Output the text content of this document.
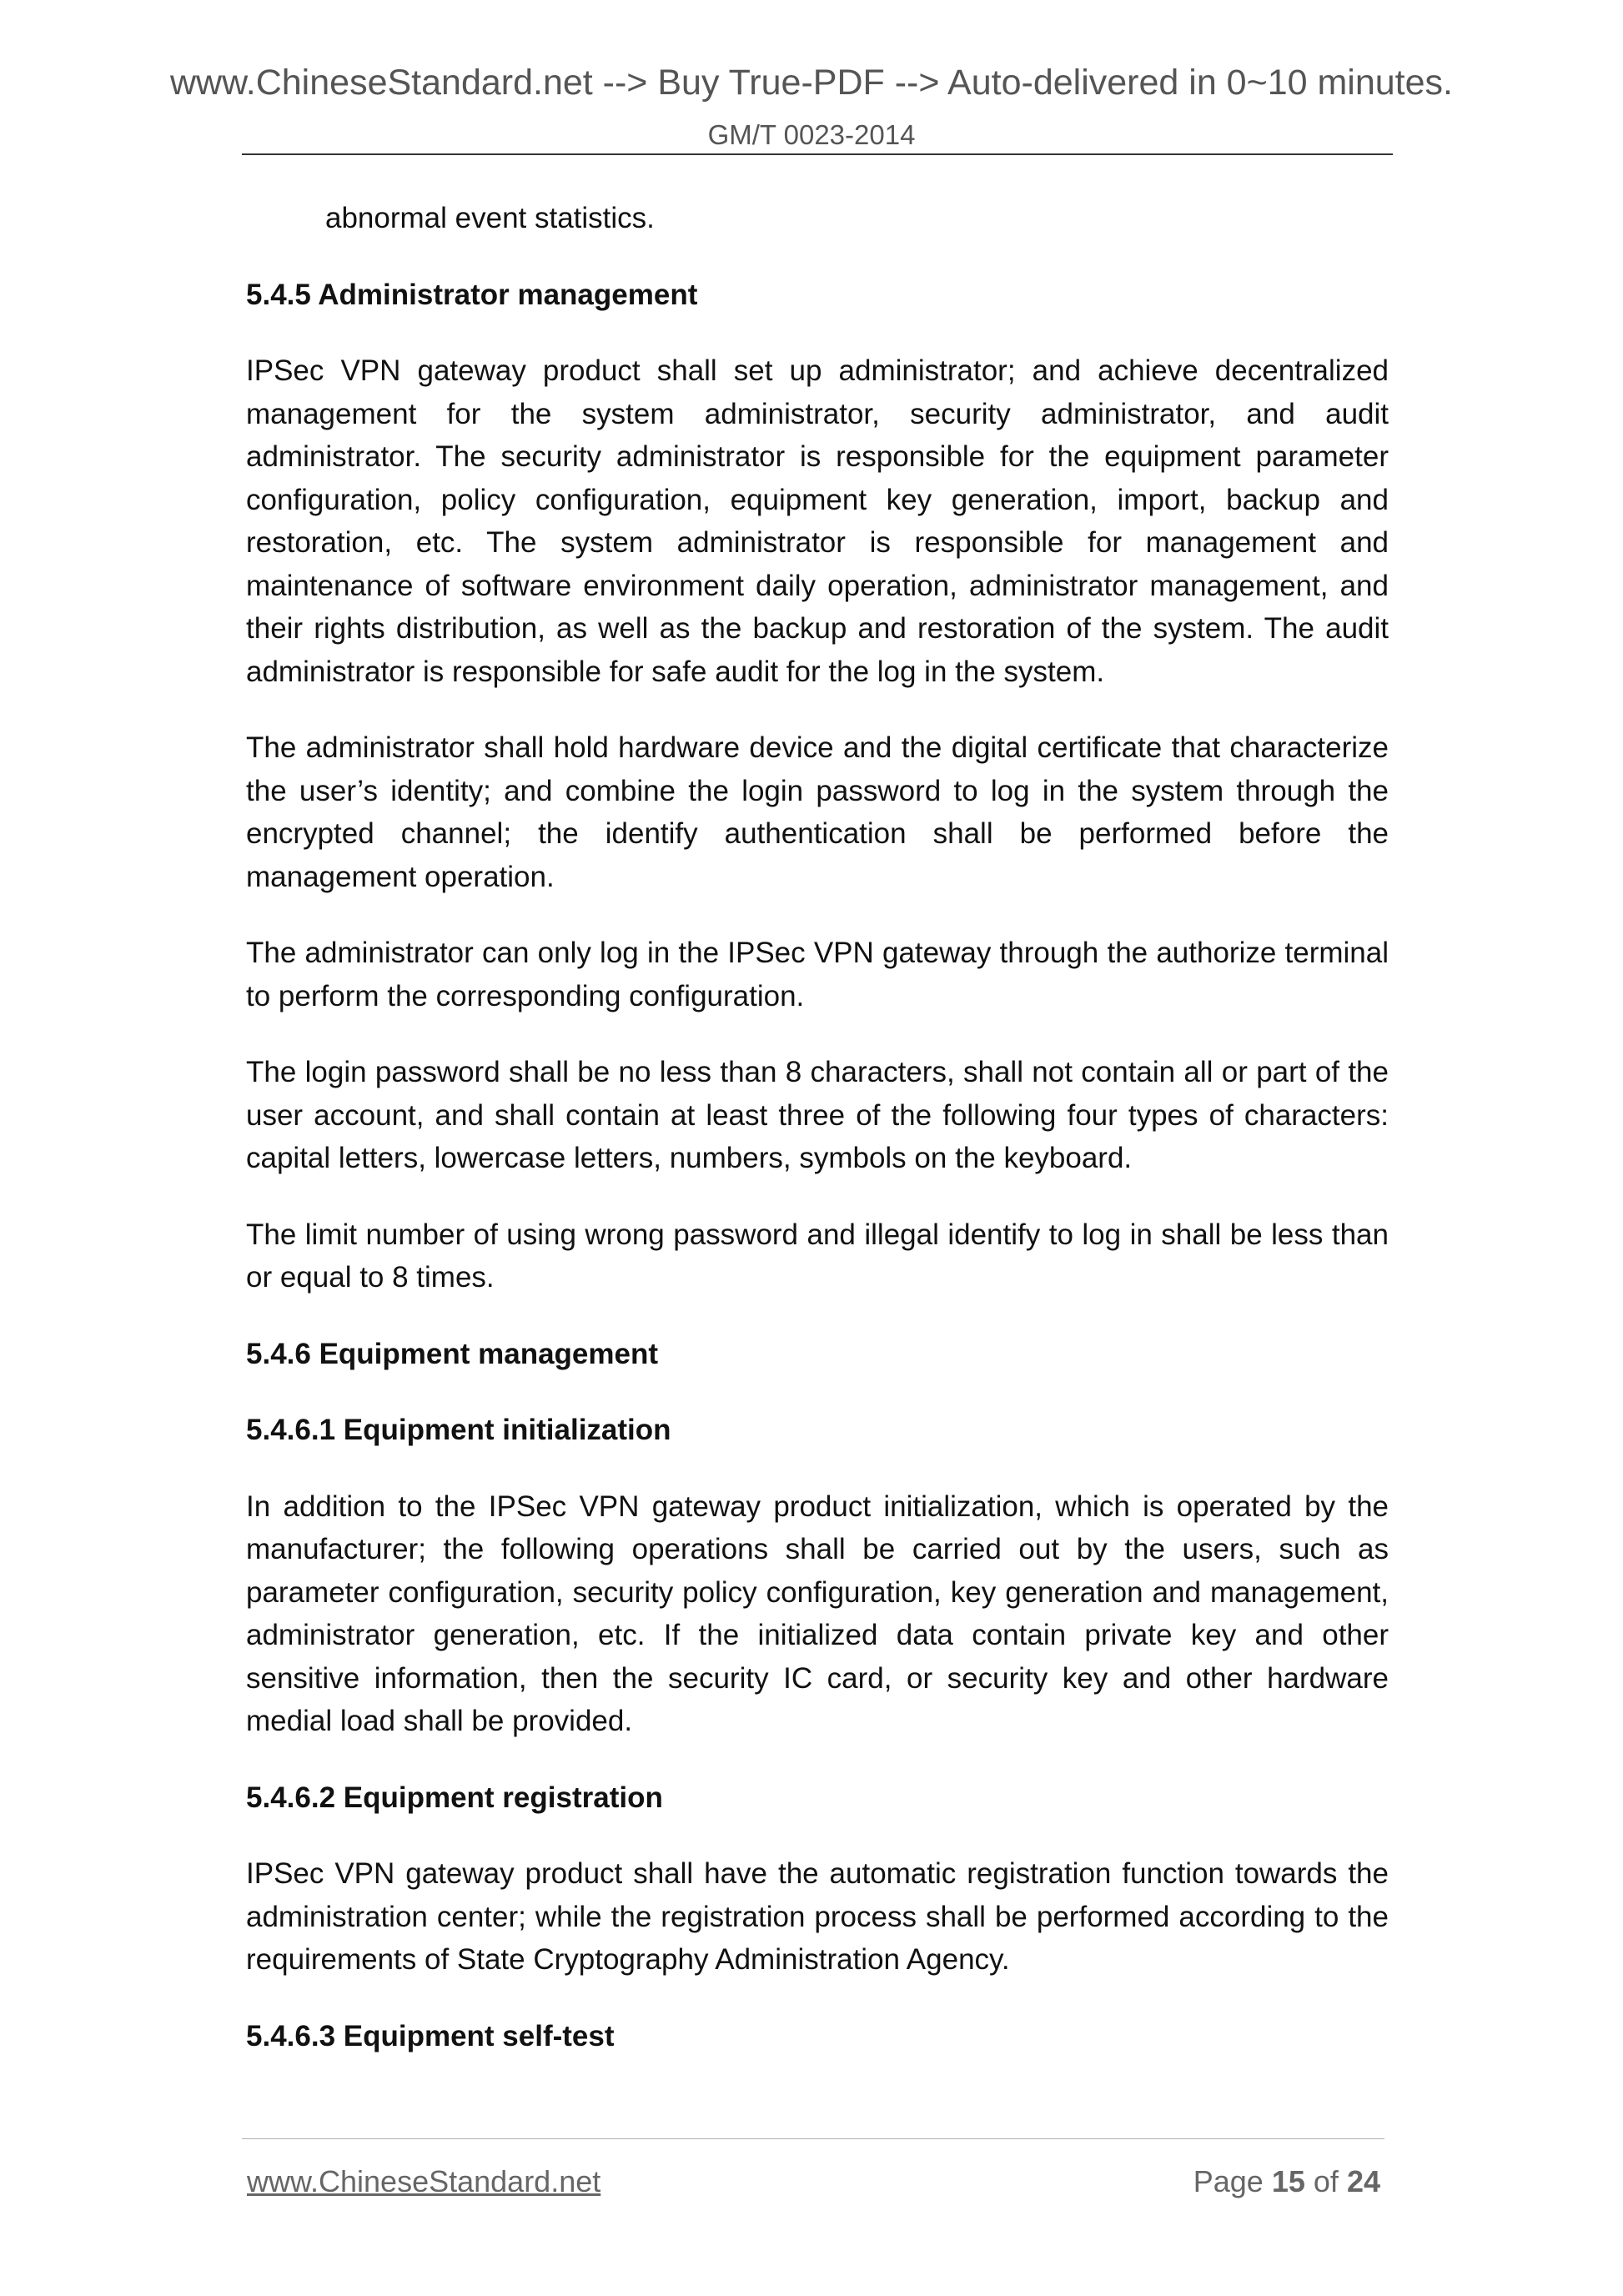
www.ChineseStandard.net --> Buy True-PDF --> Auto-delivered in 0~10 minutes.
GM/T 0023-2014

abnormal event statistics.

5.4.5 Administrator management

IPSec VPN gateway product shall set up administrator; and achieve decentralized management for the system administrator, security administrator, and audit administrator. The security administrator is responsible for the equipment parameter configuration, policy configuration, equipment key generation, import, backup and restoration, etc. The system administrator is responsible for management and maintenance of software environment daily operation, administrator management, and their rights distribution, as well as the backup and restoration of the system. The audit administrator is responsible for safe audit for the log in the system.

The administrator shall hold hardware device and the digital certificate that characterize the user’s identity; and combine the login password to log in the system through the encrypted channel; the identify authentication shall be performed before the management operation.

The administrator can only log in the IPSec VPN gateway through the authorize terminal to perform the corresponding configuration.

The login password shall be no less than 8 characters, shall not contain all or part of the user account, and shall contain at least three of the following four types of characters: capital letters, lowercase letters, numbers, symbols on the keyboard.

The limit number of using wrong password and illegal identify to log in shall be less than or equal to 8 times.

5.4.6 Equipment management
5.4.6.1 Equipment initialization

In addition to the IPSec VPN gateway product initialization, which is operated by the manufacturer; the following operations shall be carried out by the users, such as parameter configuration, security policy configuration, key generation and management, administrator generation, etc. If the initialized data contain private key and other sensitive information, then the security IC card, or security key and other hardware medial load shall be provided.

5.4.6.2 Equipment registration

IPSec VPN gateway product shall have the automatic registration function towards the administration center; while the registration process shall be performed according to the requirements of State Cryptography Administration Agency.

5.4.6.3 Equipment self-test
www.ChineseStandard.net	Page 15 of 24
